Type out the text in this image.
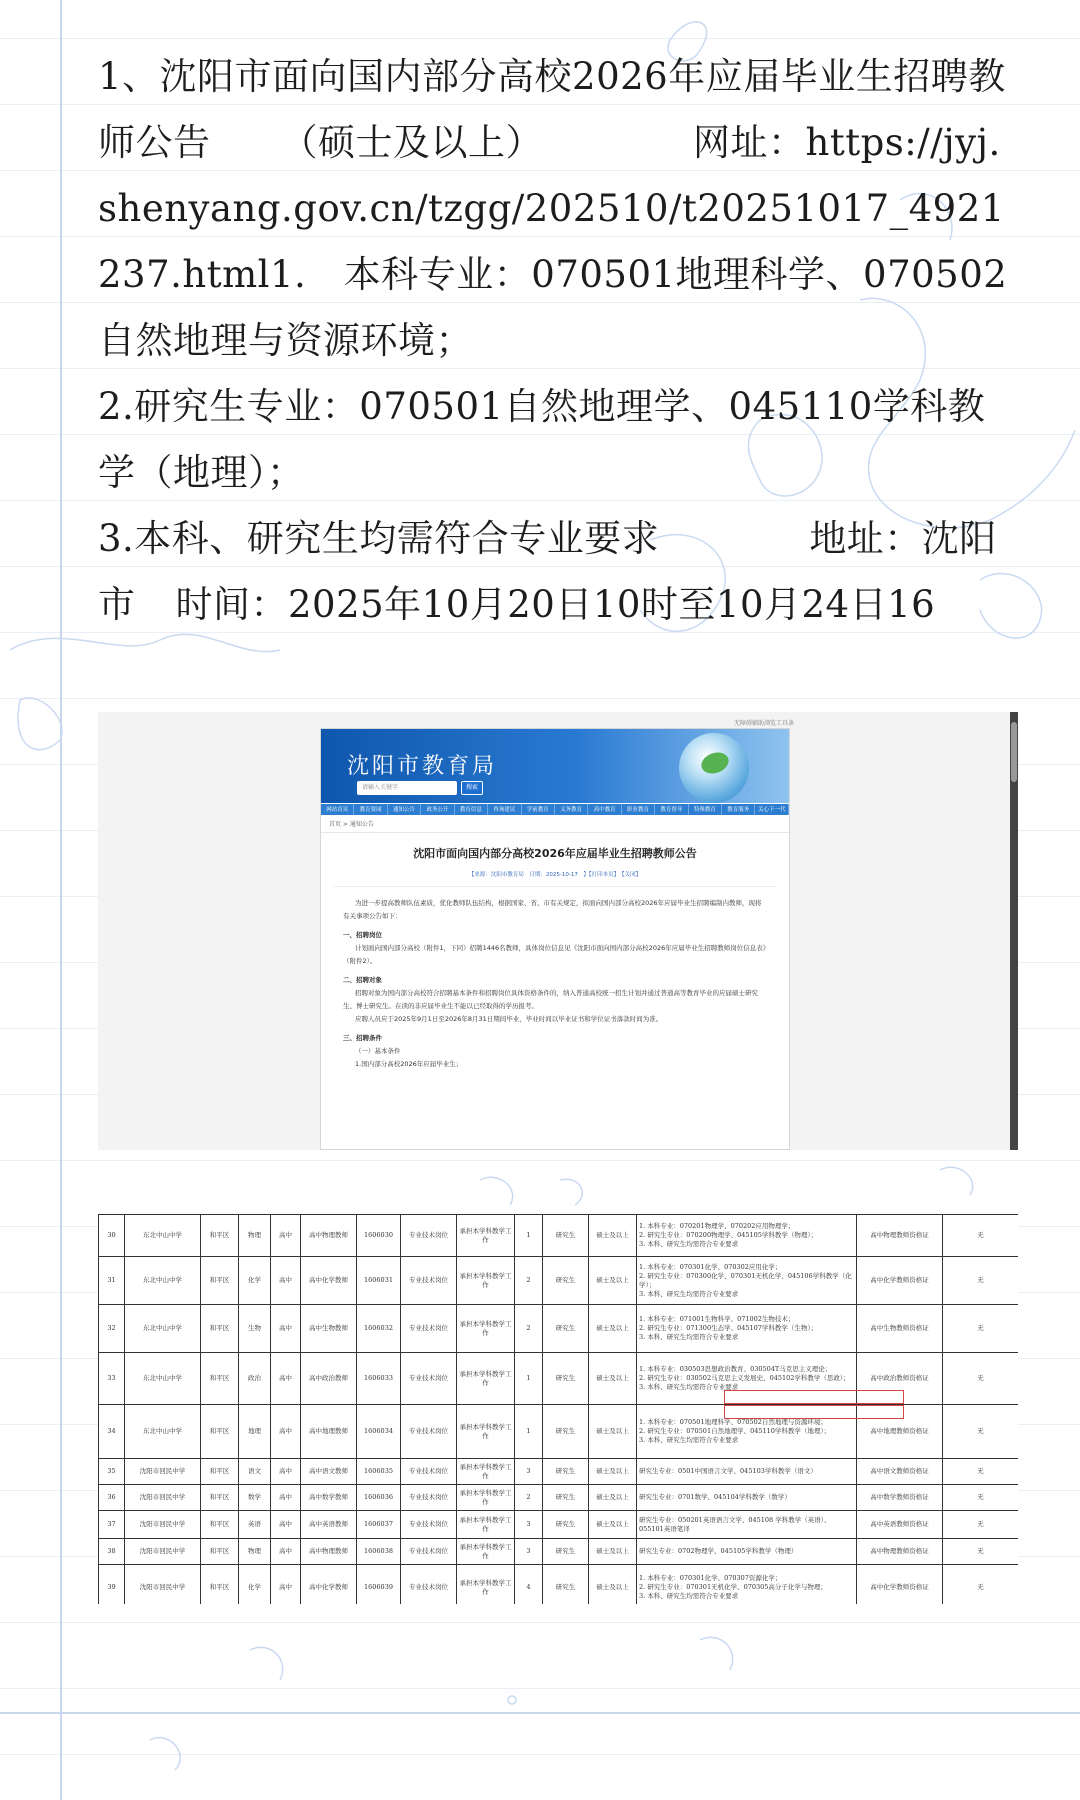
1、沈阳市面向国内部分高校2026年应届毕业生招聘教师公告 （硕士及以上）	网址：https://jyj.shenyang.gov.cn/tzgg/202510/t20251017_4921237.html1.　本科专业：070501地理科学、070502自然地理与资源环境；

2.研究生专业：070501自然地理学、045110学科教学（地理）；

3.本科、研究生均需符合专业要求	地址：沈阳市 时间：2025年10月20日10时至10月24日16

无障碍辅助浏览工具条
沈阳市教育局
请输入关键字	搜索
网站首页	教育要闻	通知公告	政务公开	教育信息	咨询建议	学前教育	义务教育	高中教育	职业教育	教育督导	特殊教育	教育服务	关心下一代
首页 > 通知公告
沈阳市面向国内部分高校2026年应届毕业生招聘教师公告
【来源：沈阳市教育局　日期：2025-10-17　】【打印本页】　【关闭】
为进一步提高教师队伍素质，优化教师队伍结构，根据国家、省、市有关规定，拟面向国内部分高校2026年应届毕业生招聘编制内教师，现将有关事项公告如下：
一、招聘岗位
计划面向国内部分高校（附件1，下同）招聘1446名教师，具体岗位信息见《沈阳市面向国内部分高校2026年应届毕业生招聘教师岗位信息表》（附件2）。
二、招聘对象
招聘对象为国内部分高校符合招聘基本条件和招聘岗位具体资格条件的，纳入普通高校统一招生计划并通过普通高等教育毕业的应届硕士研究生、博士研究生。在读的非应届毕业生不能以已经取得的学历报考。
应聘人员应于2025年9月1日至2026年8月31日期间毕业，毕业时间以毕业证书和学位证书落款时间为准。
三、招聘条件
（一）基本条件
1.国内部分高校2026年应届毕业生；
30	东北中山中学	和平区	物理	高中	高中物理教师	1606030	专业技术岗位	承担本学科教学工作	1	研究生	硕士及以上	1. 本科专业：070201物理学、070202应用物理学；
2. 研究生专业：070200物理学、045105学科教学（物理）；
3. 本科、研究生均需符合专业要求	高中物理教师资格证	无
31	东北中山中学	和平区	化学	高中	高中化学教师	1606031	专业技术岗位	承担本学科教学工作	2	研究生	硕士及以上	1. 本科专业：070301化学、070302应用化学；
2. 研究生专业：070300化学、070301无机化学、045106学科教学（化学）；
3. 本科、研究生均需符合专业要求	高中化学教师资格证	无
32	东北中山中学	和平区	生物	高中	高中生物教师	1606032	专业技术岗位	承担本学科教学工作	2	研究生	硕士及以上	1. 本科专业：071001生物科学、071002生物技术；
2. 研究生专业：071300生态学、045107学科教学（生物）；
3. 本科、研究生均需符合专业要求	高中生物教师资格证	无
33	东北中山中学	和平区	政治	高中	高中政治教师	1606033	专业技术岗位	承担本学科教学工作	1	研究生	硕士及以上	1. 本科专业：030503思想政治教育、030504T马克思主义理论；
2. 研究生专业：030502马克思主义发展史、045102学科教学（思政）；
3. 本科、研究生均需符合专业要求	高中政治教师资格证	无
34	东北中山中学	和平区	地理	高中	高中地理教师	1606034	专业技术岗位	承担本学科教学工作	1	研究生	硕士及以上	1. 本科专业：070501地理科学、070502自然地理与资源环境；
2. 研究生专业：070501自然地理学、045110学科教学（地理）；
3. 本科、研究生均需符合专业要求	高中地理教师资格证	无
35	沈阳市回民中学	和平区	语文	高中	高中语文教师	1606035	专业技术岗位	承担本学科教学工作	3	研究生	硕士及以上	研究生专业：0501中国语言文学、045103学科教学（语文）	高中语文教师资格证	无
36	沈阳市回民中学	和平区	数学	高中	高中数学教师	1606036	专业技术岗位	承担本学科教学工作	2	研究生	硕士及以上	研究生专业：0701数学、045104学科教学（数学）	高中数学教师资格证	无
37	沈阳市回民中学	和平区	英语	高中	高中英语教师	1606037	专业技术岗位	承担本学科教学工作	3	研究生	硕士及以上	研究生专业：050201英语语言文学、045108 学科教学（英语）、055101英语笔译	高中英语教师资格证	无
38	沈阳市回民中学	和平区	物理	高中	高中物理教师	1606038	专业技术岗位	承担本学科教学工作	3	研究生	硕士及以上	研究生专业：0702物理学、045105学科教学（物理）	高中物理教师资格证	无
39	沈阳市回民中学	和平区	化学	高中	高中化学教师	1606039	专业技术岗位	承担本学科教学工作	4	研究生	硕士及以上	1. 本科专业：070301化学、070307资源化学；
2. 研究生专业：070301无机化学、070305高分子化学与物理；
3. 本科、研究生均需符合专业要求	高中化学教师资格证	无
